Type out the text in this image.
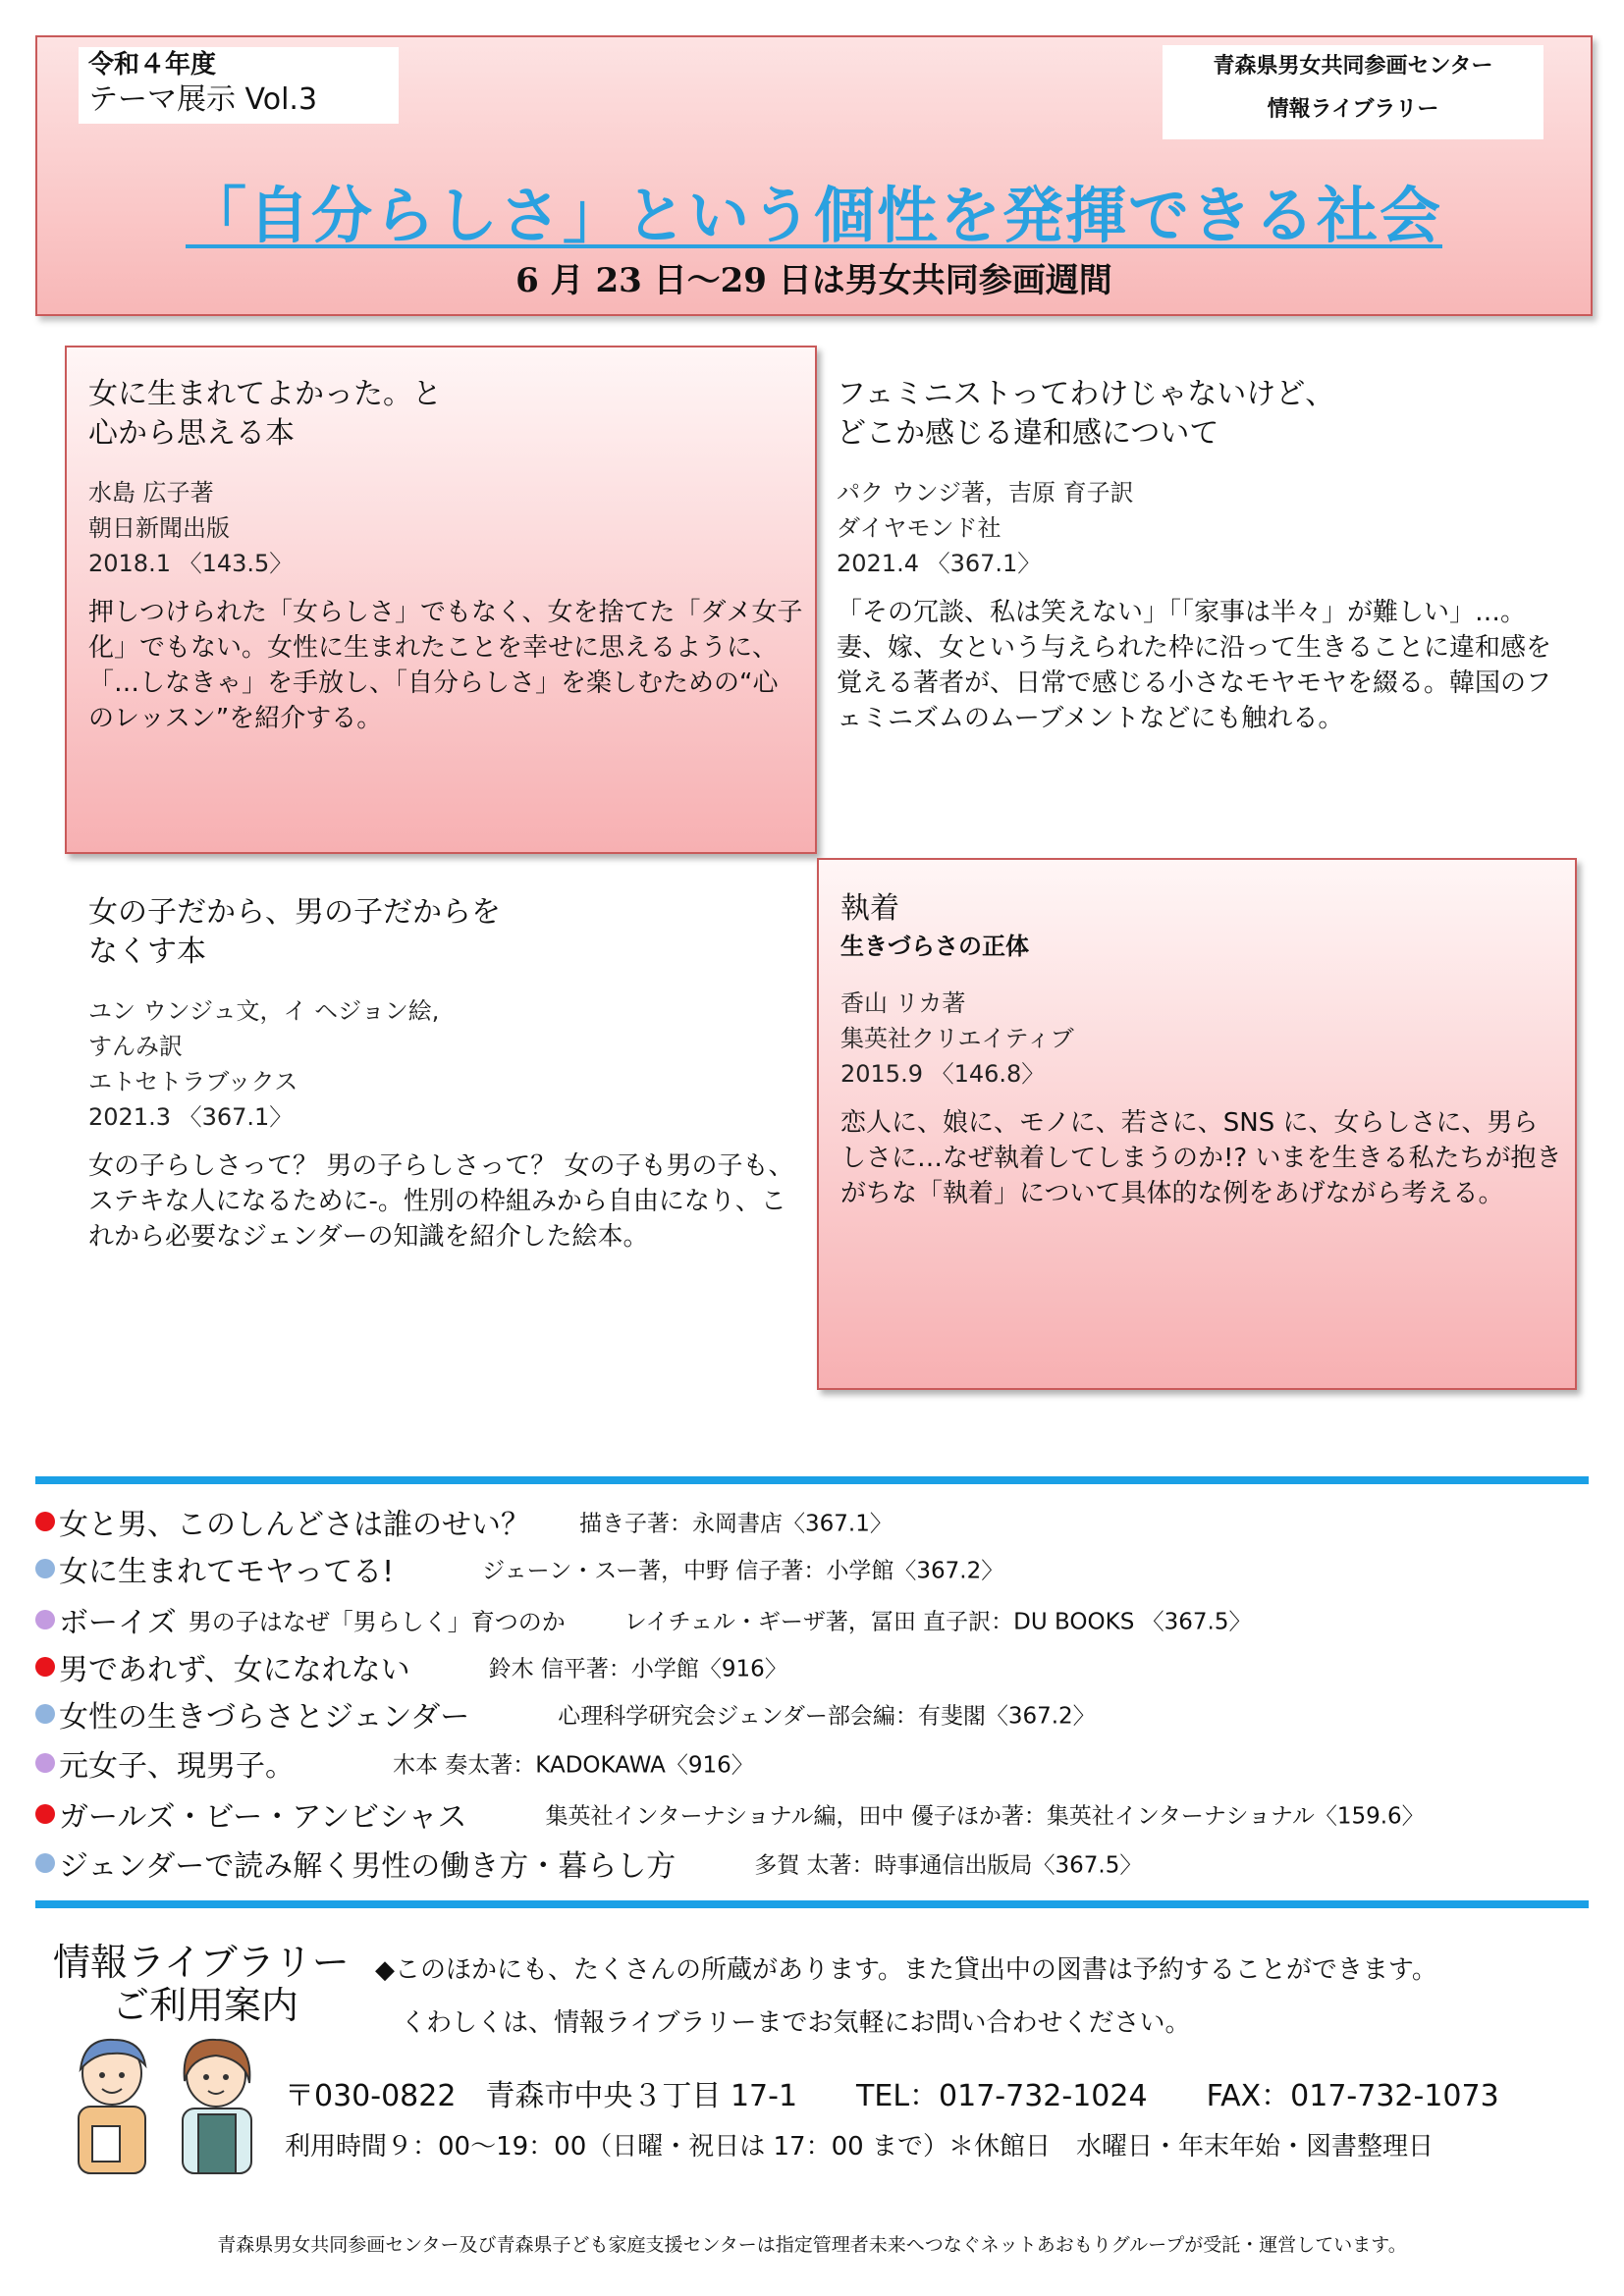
令和４年度
テーマ展示 Vol.3
青森県男女共同参画センター
情報ライブラリー
「自分らしさ」という個性を発揮できる社会
6 月 23 日～29 日は男女共同参画週間
女に生まれてよかった。と
心から思える本
水島 広子著
朝日新聞出版
2018.1 〈143.5〉
押しつけられた「女らしさ」でもなく、女を捨てた「ダメ女子化」でもない。女性に生まれたことを幸せに思えるように、「…しなきゃ」を手放し、「自分らしさ」を楽しむための“心のレッスン”を紹介する。
フェミニストってわけじゃないけど、
どこか感じる違和感について
パク ウンジ著，吉原 育子訳
ダイヤモンド社
2021.4 〈367.1〉
「その冗談、私は笑えない」「「家事は半々」が難しい」…。妻、嫁、女という与えられた枠に沿って生きることに違和感を覚える著者が、日常で感じる小さなモヤモヤを綴る。韓国のフェミニズムのムーブメントなどにも触れる。
女の子だから、男の子だからを
なくす本
ユン ウンジュ文，イ ヘジョン絵,
すんみ訳
エトセトラブックス
2021.3 〈367.1〉
女の子らしさって？ 男の子らしさって？ 女の子も男の子も、ステキな人になるために-。性別の枠組みから自由になり、これから必要なジェンダーの知識を紹介した絵本。
執着
生きづらさの正体
香山 リカ著
集英社クリエイティブ
2015.9 〈146.8〉
恋人に、娘に、モノに、若さに、SNS に、女らしさに、男らしさに…なぜ執着してしまうのか!? いまを生きる私たちが抱きがちな「執着」について具体的な例をあげながら考える。
女と男、このしんどさは誰のせい？ 描き子著：永岡書店〈367.1〉
女に生まれてモヤってる!	ジェーン・スー著，中野 信子著：小学館〈367.2〉
ボーイズ 男の子はなぜ「男らしく」育つのか	レイチェル・ギーザ著，冨田 直子訳：DU BOOKS 〈367.5〉
男であれず、女になれない	鈴木 信平著：小学館〈916〉
女性の生きづらさとジェンダー	心理科学研究会ジェンダー部会編：有斐閣〈367.2〉
元女子、現男子。	木本 奏太著：KADOKAWA〈916〉
ガールズ・ビー・アンビシャス	集英社インターナショナル編，田中 優子ほか著：集英社インターナショナル〈159.6〉
ジェンダーで読み解く男性の働き方・暮らし方	多賀 太著：時事通信出版局〈367.5〉
情報ライブラリー
ご利用案内
◆このほかにも、たくさんの所蔵があります。また貸出中の図書は予約することができます。
くわしくは、情報ライブラリーまでお気軽にお問い合わせください。
〒030-0822　青森市中央３丁目 17-1　　TEL：017-732-1024　　FAX：017-732-1073
利用時間９：00～19：00（日曜・祝日は 17：00 まで）＊休館日　水曜日・年末年始・図書整理日
青森県男女共同参画センター及び青森県子ども家庭支援センターは指定管理者未来へつなぐネットあおもりグループが受託・運営しています。
